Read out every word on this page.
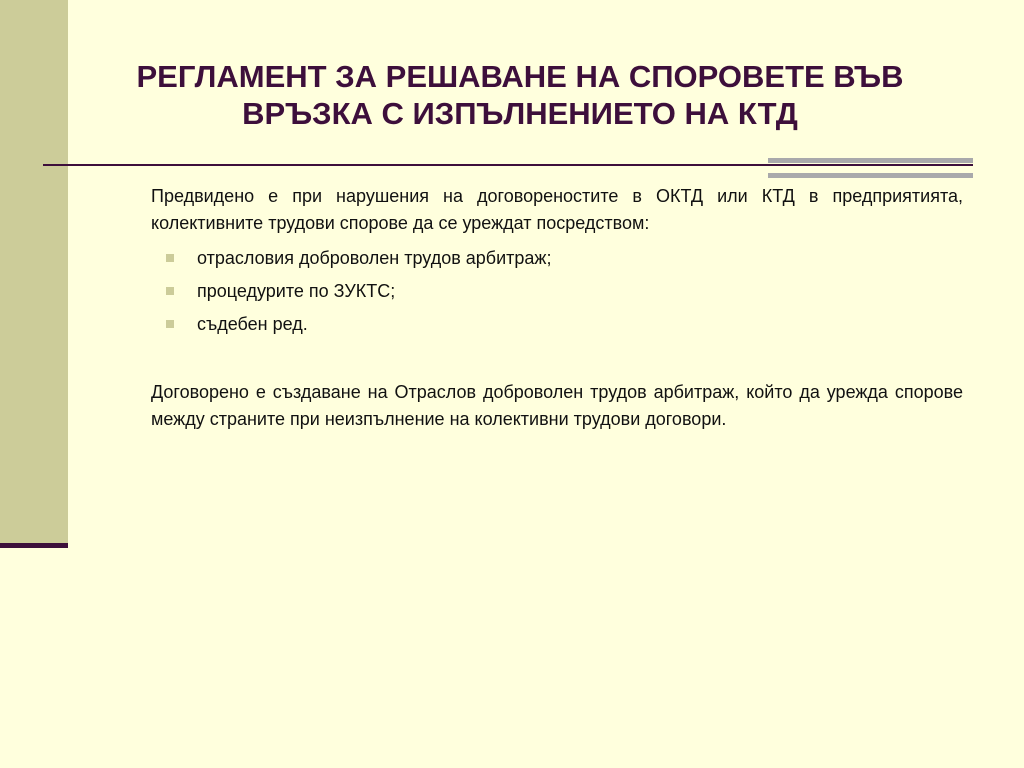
РЕГЛАМЕНТ ЗА РЕШАВАНЕ НА СПОРОВЕТЕ ВЪВ ВРЪЗКА С ИЗПЪЛНЕНИЕТО НА КТД

Предвидено е при нарушения на договореностите в ОКТД или КТД в предприятията, колективните трудови спорове да се уреждат посредством:

отрасловия доброволен трудов арбитраж;
процедурите по ЗУКТС;
съдебен ред.

Договорено е създаване на Отраслов доброволен трудов арбитраж, който да урежда спорове между страните при неизпълнение на колективни трудови договори.
